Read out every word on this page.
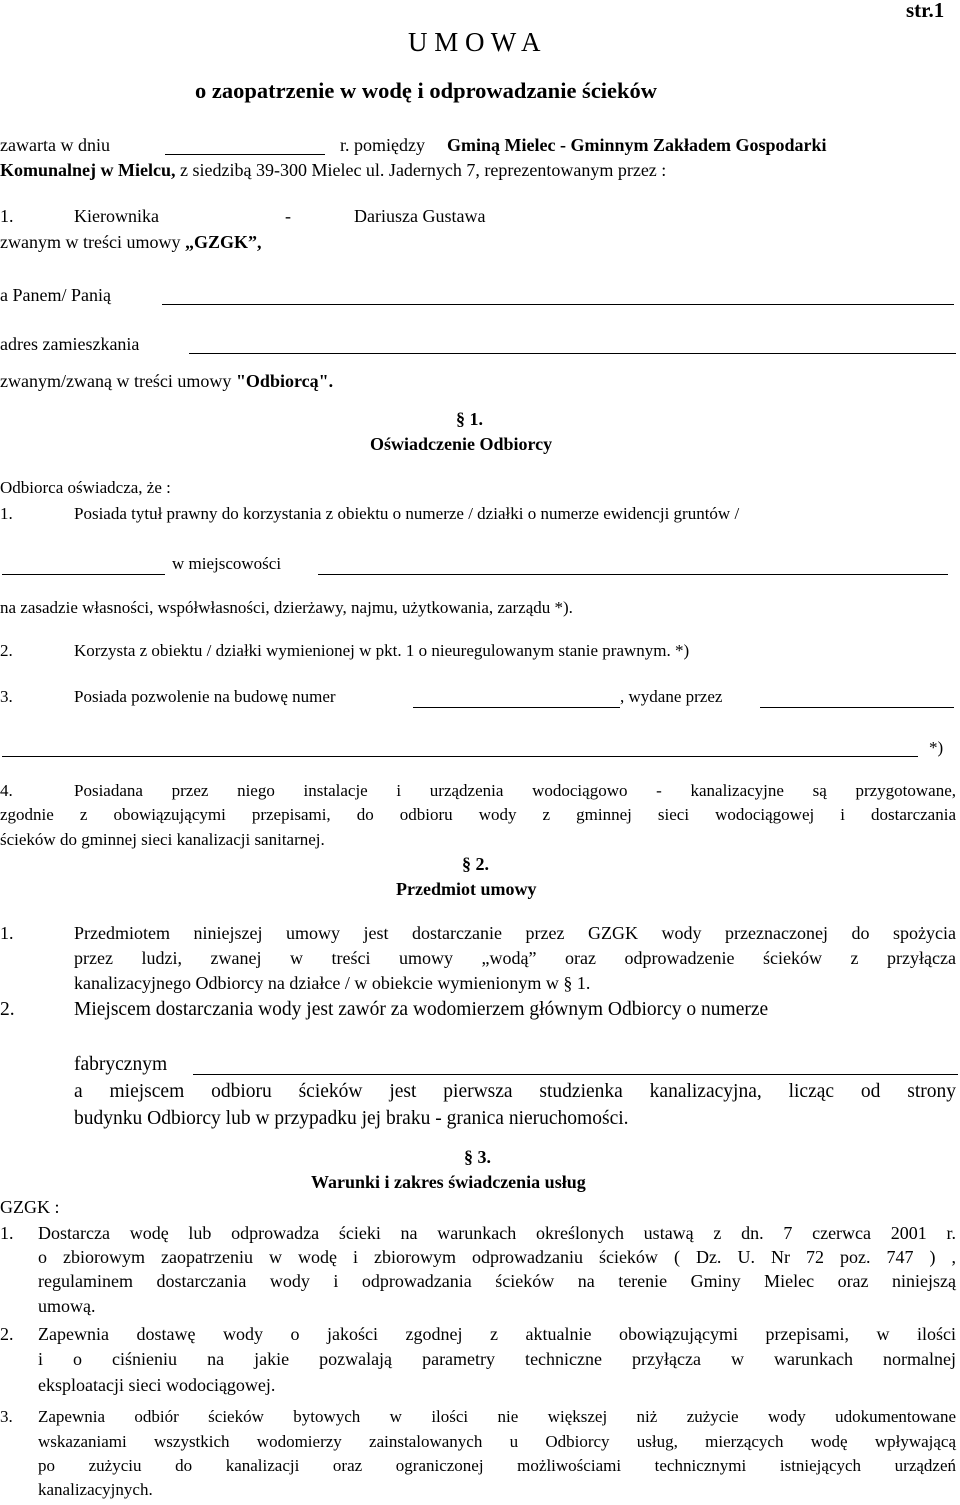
str.1
U M O W A
o zaopatrzenie w wodę i odprowadzanie ścieków
zawarta w dniu	r. pomiędzy Gminą Mielec - Gminnym Zakładem Gospodarki
Komunalnej w Mielcu, z siedzibą 39-300 Mielec ul. Jadernych 7, reprezentowanym przez :
1.	Kierownika	-	Dariusza Gustawa
zwanym w treści umowy „GZGK”,
a Panem/ Panią
adres zamieszkania
zwanym/zwaną w treści umowy "Odbiorcą".
§ 1.
Oświadczenie Odbiorcy
Odbiorca oświadcza, że :
1.	Posiada tytuł prawny do korzystania z obiektu o numerze / działki o numerze ewidencji gruntów /
w miejscowości
na zasadzie własności, współwłasności, dzierżawy, najmu, użytkowania, zarządu *).
2.	Korzysta z obiektu / działki wymienionej w pkt. 1 o nieuregulowanym stanie prawnym. *)
3.	Posiada pozwolenie na budowę numer	, wydane przez
*)
4.	Posiadana przez niego instalacje i urządzenia wodociągowo - kanalizacyjne są przygotowane,
zgodnie z obowiązującymi przepisami, do odbioru wody z gminnej sieci wodociągowej i dostarczania
ścieków do gminnej sieci kanalizacji sanitarnej.
§ 2.
Przedmiot umowy
1.	Przedmiotem niniejszej umowy jest dostarczanie przez GZGK wody przeznaczonej do spożycia
przez ludzi, zwanej w treści umowy „wodą” oraz odprowadzenie ścieków z przyłącza
kanalizacyjnego Odbiorcy na działce / w obiekcie wymienionym w § 1.
2.	Miejscem dostarczania wody jest zawór za wodomierzem głównym Odbiorcy o numerze
fabrycznym
a miejscem odbioru ścieków jest pierwsza studzienka kanalizacyjna, licząc od strony
budynku Odbiorcy lub w przypadku jej braku - granica nieruchomości.
§ 3.
Warunki i zakres świadczenia usług
GZGK :
1. Dostarcza wodę lub odprowadza ścieki na warunkach określonych ustawą z dn. 7 czerwca 2001 r.
o zbiorowym zaopatrzeniu w wodę i zbiorowym odprowadzaniu ścieków ( Dz. U. Nr 72 poz. 747 ) ,
regulaminem dostarczania wody i odprowadzania ścieków na terenie Gminy Mielec oraz niniejszą
umową.
2. Zapewnia dostawę wody o jakości zgodnej z aktualnie obowiązującymi przepisami, w ilości
i o ciśnieniu na jakie pozwalają parametry techniczne przyłącza w warunkach normalnej
eksploatacji sieci wodociągowej.
3. Zapewnia odbiór ścieków bytowych w ilości nie większej niż zużycie wody udokumentowane
wskazaniami wszystkich wodomierzy zainstalowanych u Odbiorcy usług, mierzących wodę wpływającą
po zużyciu do kanalizacji oraz ograniczonej możliwościami technicznymi istniejących urządzeń
kanalizacyjnych.
